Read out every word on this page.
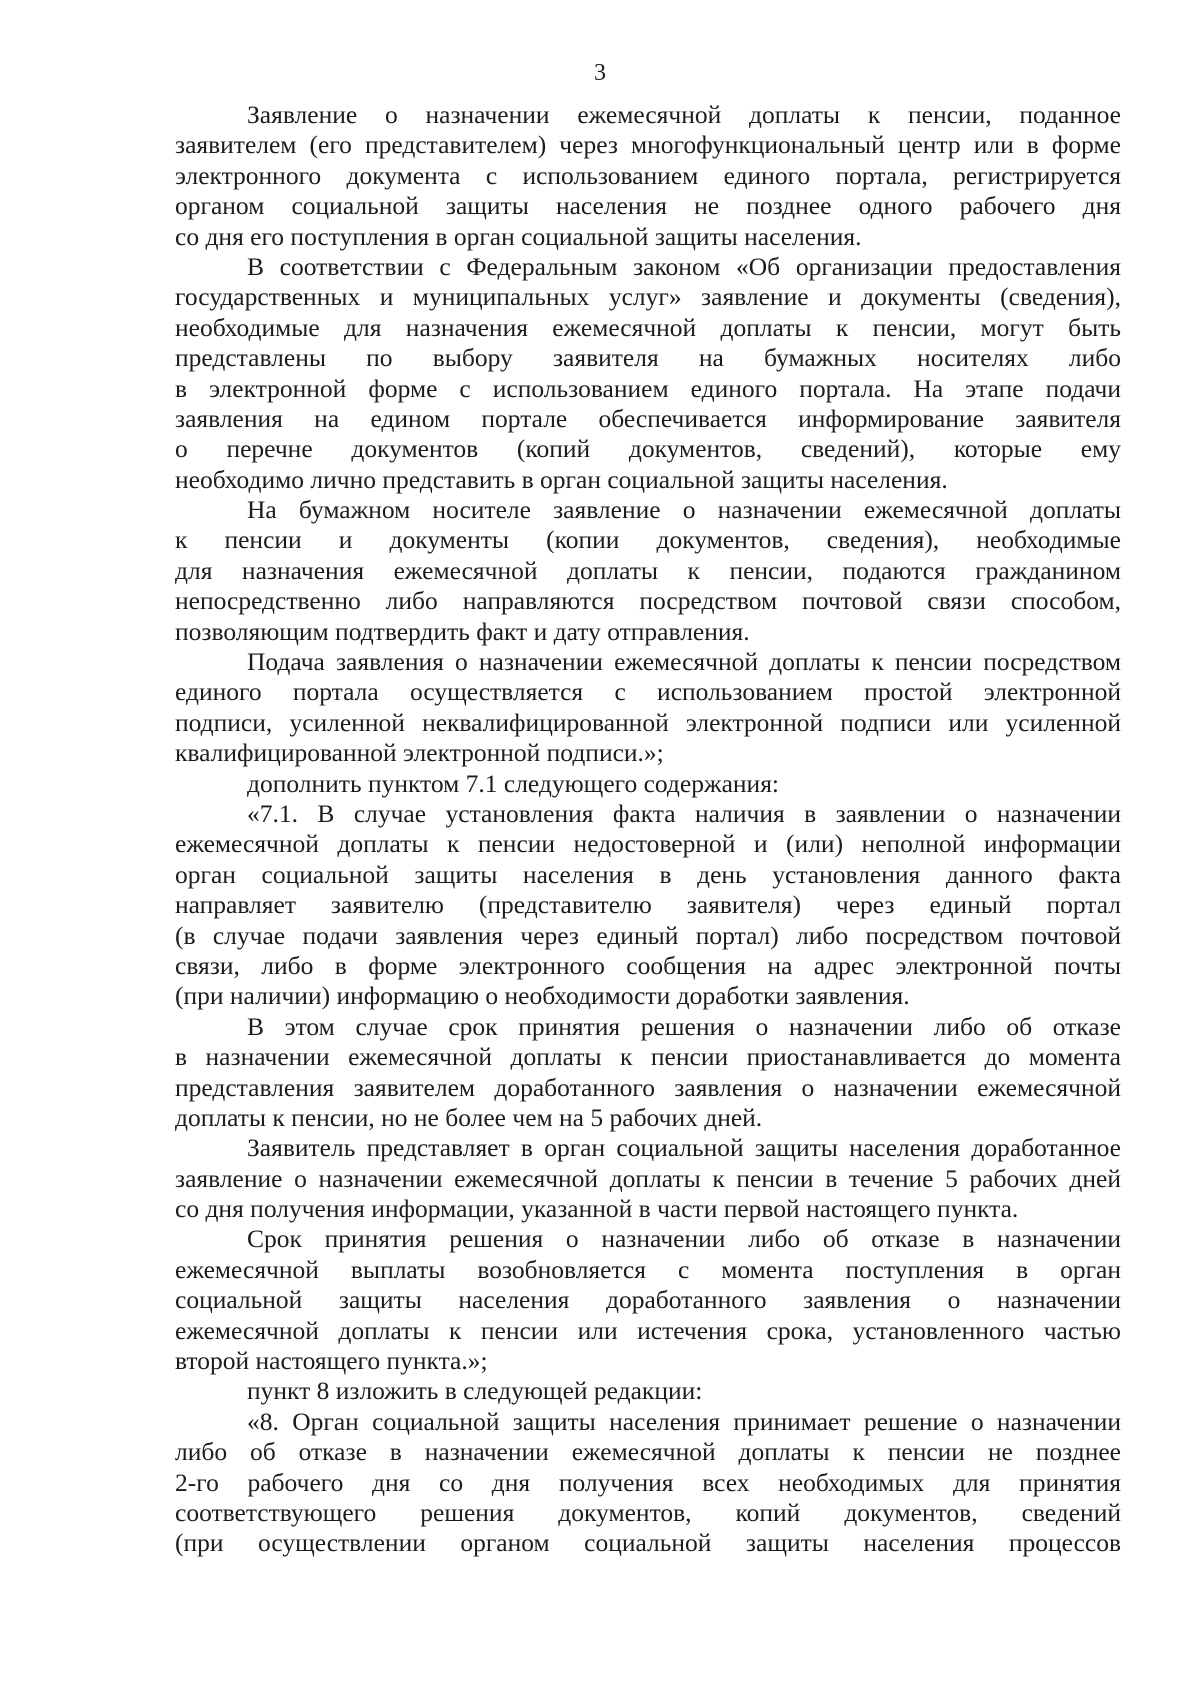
3
Заявление о назначении ежемесячной доплаты к пенсии, поданное
заявителем (его представителем) через многофункциональный центр или в форме
электронного документа с использованием единого портала, регистрируется
органом социальной защиты населения не позднее одного рабочего дня
со дня его поступления в орган социальной защиты населения.
В соответствии с Федеральным законом «Об организации предоставления
государственных и муниципальных услуг» заявление и документы (сведения),
необходимые для назначения ежемесячной доплаты к пенсии, могут быть
представлены по выбору заявителя на бумажных носителях либо
в электронной форме с использованием единого портала. На этапе подачи
заявления на едином портале обеспечивается информирование заявителя
о перечне документов (копий документов, сведений), которые ему
необходимо лично представить в орган социальной защиты населения.
На бумажном носителе заявление о назначении ежемесячной доплаты
к пенсии и документы (копии документов, сведения), необходимые
для назначения ежемесячной доплаты к пенсии, подаются гражданином
непосредственно либо направляются посредством почтовой связи способом,
позволяющим подтвердить факт и дату отправления.
Подача заявления о назначении ежемесячной доплаты к пенсии посредством
единого портала осуществляется с использованием простой электронной
подписи, усиленной неквалифицированной электронной подписи или усиленной
квалифицированной электронной подписи.»;
дополнить пунктом 7.1 следующего содержания:
«7.1. В случае установления факта наличия в заявлении о назначении
ежемесячной доплаты к пенсии недостоверной и (или) неполной информации
орган социальной защиты населения в день установления данного факта
направляет заявителю (представителю заявителя) через единый портал
(в случае подачи заявления через единый портал) либо посредством почтовой
связи, либо в форме электронного сообщения на адрес электронной почты
(при наличии) информацию о необходимости доработки заявления.
В этом случае срок принятия решения о назначении либо об отказе
в назначении ежемесячной доплаты к пенсии приостанавливается до момента
представления заявителем доработанного заявления о назначении ежемесячной
доплаты к пенсии, но не более чем на 5 рабочих дней.
Заявитель представляет в орган социальной защиты населения доработанное
заявление о назначении ежемесячной доплаты к пенсии в течение 5 рабочих дней
со дня получения информации, указанной в части первой настоящего пункта.
Срок принятия решения о назначении либо об отказе в назначении
ежемесячной выплаты возобновляется с момента поступления в орган
социальной защиты населения доработанного заявления о назначении
ежемесячной доплаты к пенсии или истечения срока, установленного частью
второй настоящего пункта.»;
пункт 8 изложить в следующей редакции:
«8. Орган социальной защиты населения принимает решение о назначении
либо об отказе в назначении ежемесячной доплаты к пенсии не позднее
2-го рабочего дня со дня получения всех необходимых для принятия
соответствующего решения документов, копий документов, сведений
(при осуществлении органом социальной защиты населения процессов
